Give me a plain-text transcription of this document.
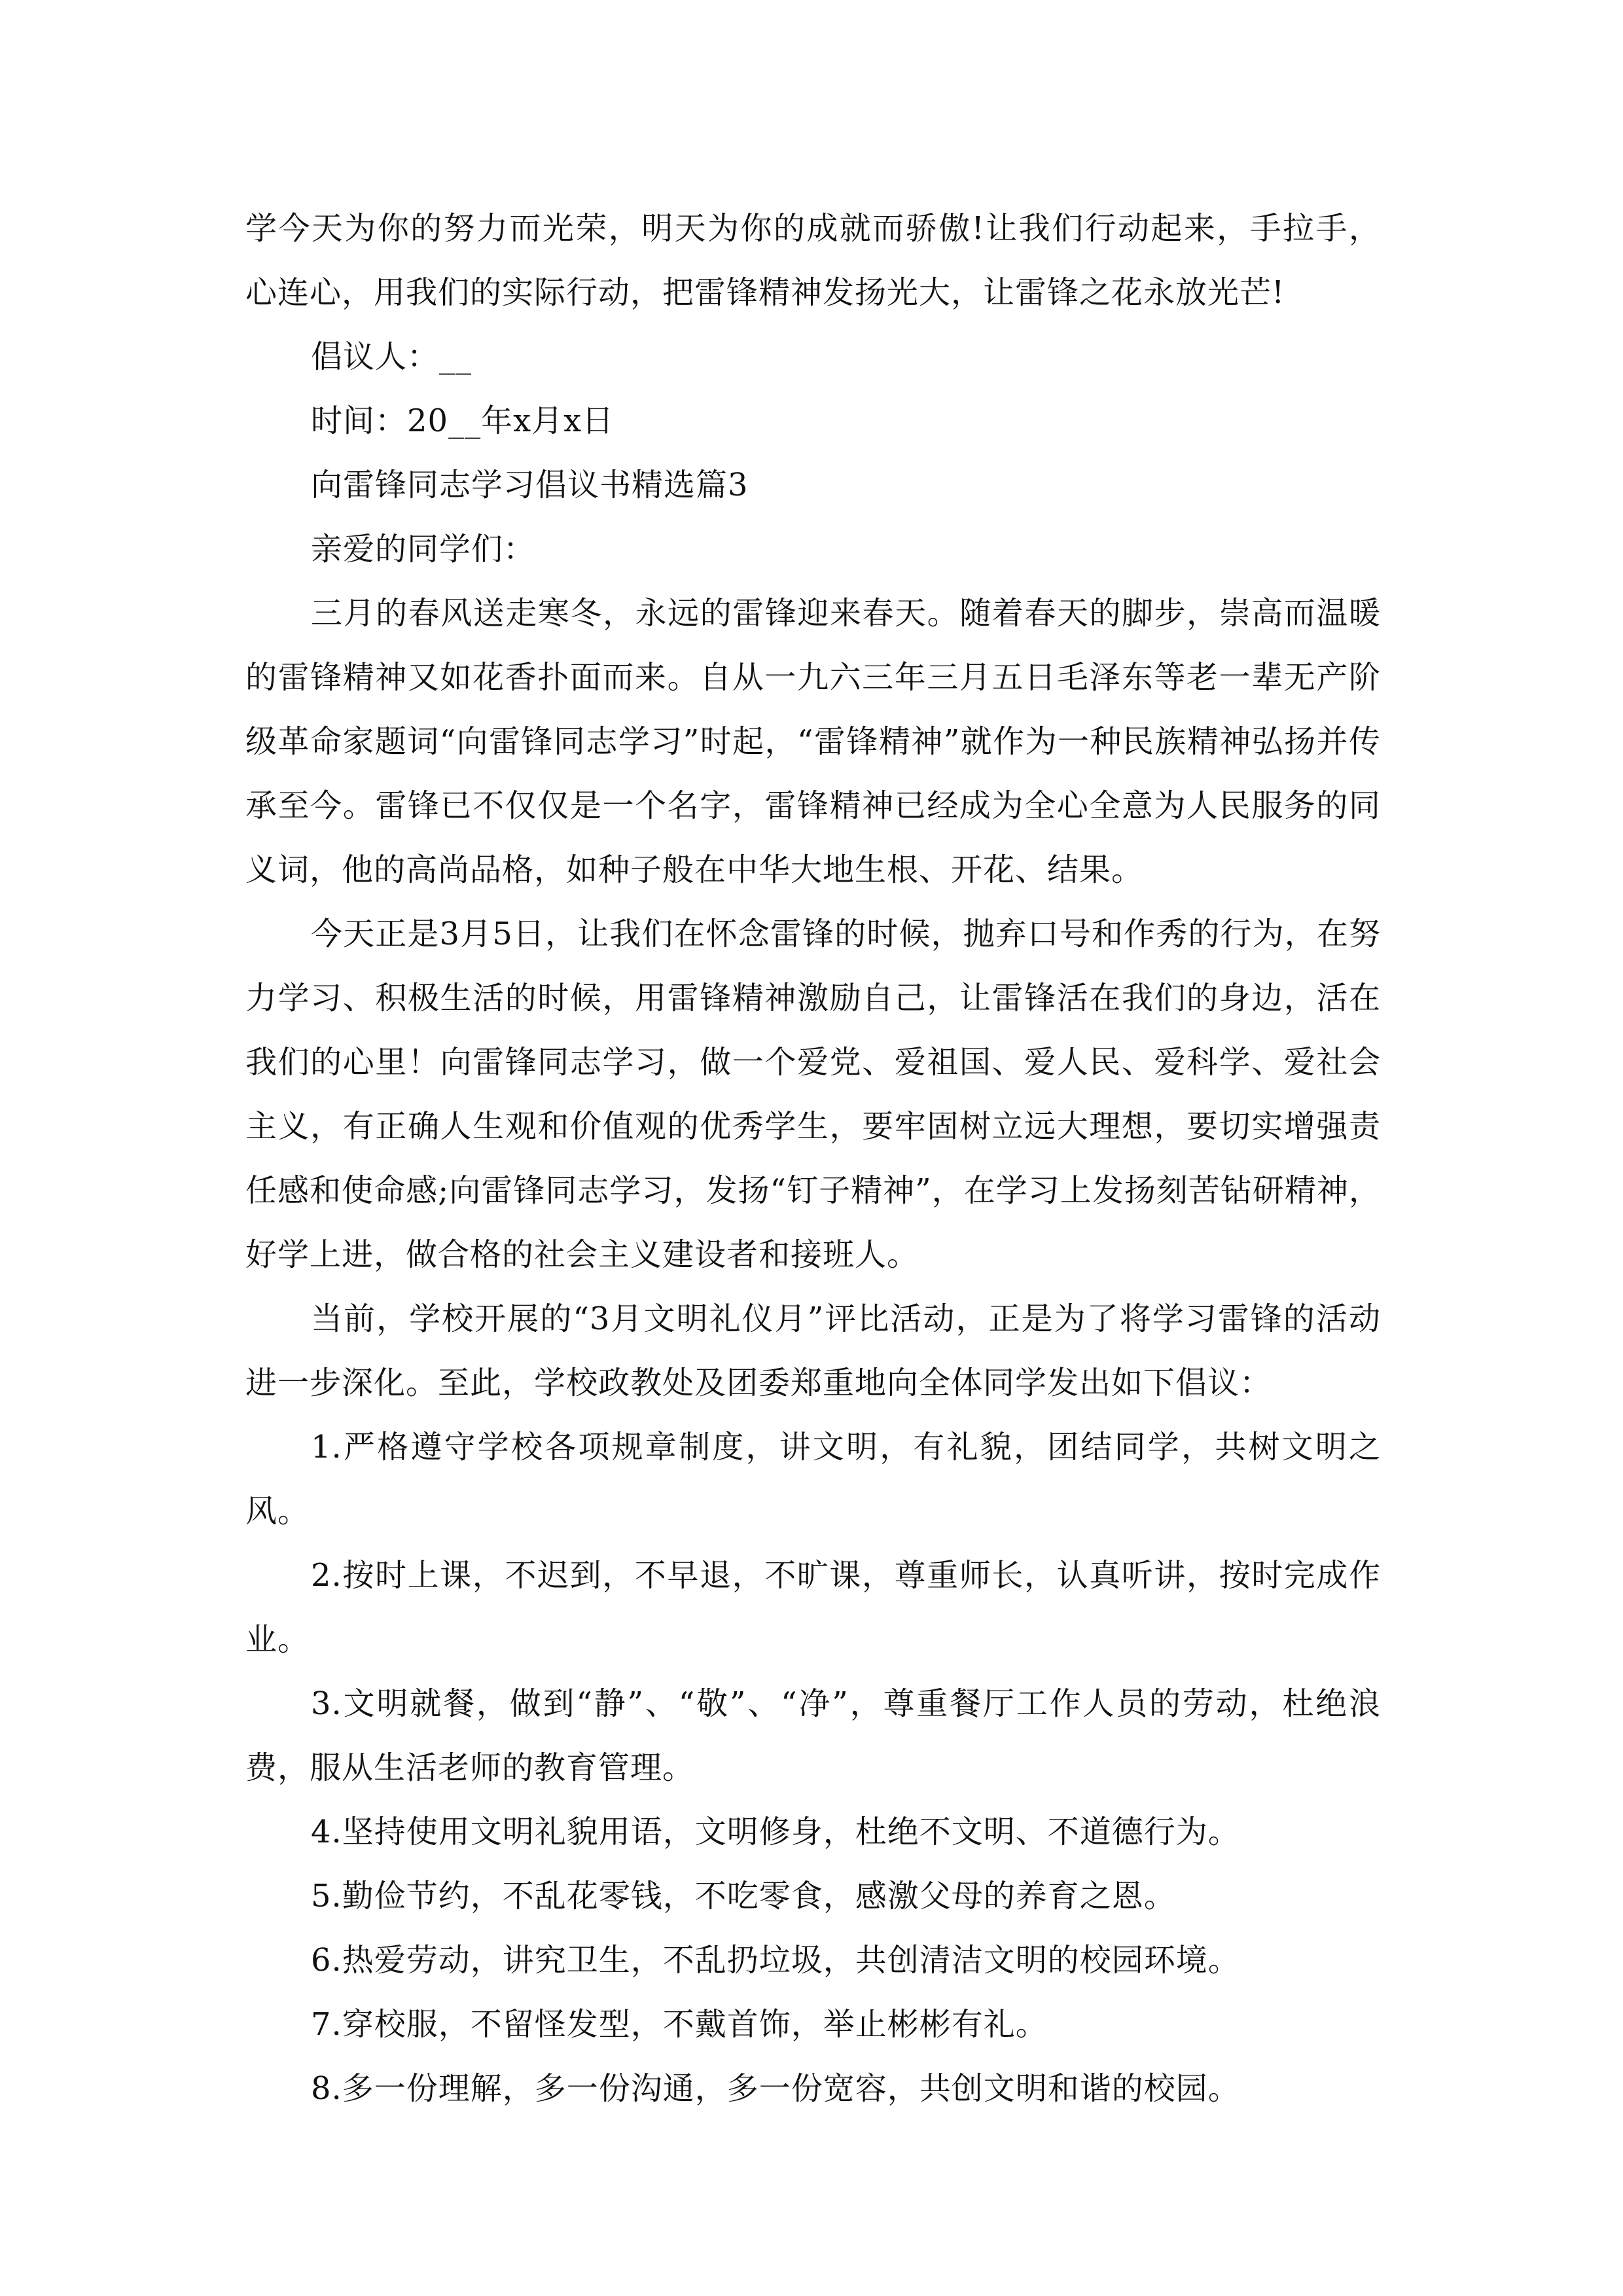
学今天为你的努力而光荣，明天为你的成就而骄傲!让我们行动起来，手拉手，心连心，用我们的实际行动，把雷锋精神发扬光大，让雷锋之花永放光芒!

倡议人：__

时间：20__年x月x日

向雷锋同志学习倡议书精选篇3

亲爱的同学们：

三月的春风送走寒冬，永远的雷锋迎来春天。随着春天的脚步，崇高而温暖的雷锋精神又如花香扑面而来。自从一九六三年三月五日毛泽东等老一辈无产阶级革命家题词“向雷锋同志学习”时起，“雷锋精神”就作为一种民族精神弘扬并传承至今。雷锋已不仅仅是一个名字，雷锋精神已经成为全心全意为人民服务的同义词，他的高尚品格，如种子般在中华大地生根、开花、结果。

今天正是3月5日，让我们在怀念雷锋的时候，抛弃口号和作秀的行为，在努力学习、积极生活的时候，用雷锋精神激励自己，让雷锋活在我们的身边，活在我们的心里！向雷锋同志学习，做一个爱党、爱祖国、爱人民、爱科学、爱社会主义，有正确人生观和价值观的优秀学生，要牢固树立远大理想，要切实增强责任感和使命感;向雷锋同志学习，发扬“钉子精神”，在学习上发扬刻苦钻研精神，好学上进，做合格的社会主义建设者和接班人。

当前，学校开展的“3月文明礼仪月”评比活动，正是为了将学习雷锋的活动进一步深化。至此，学校政教处及团委郑重地向全体同学发出如下倡议：

1.严格遵守学校各项规章制度，讲文明，有礼貌，团结同学，共树文明之风。

2.按时上课，不迟到，不早退，不旷课，尊重师长，认真听讲，按时完成作业。

3.文明就餐，做到“静”、“敬”、“净”，尊重餐厅工作人员的劳动，杜绝浪费，服从生活老师的教育管理。

4.坚持使用文明礼貌用语，文明修身，杜绝不文明、不道德行为。

5.勤俭节约，不乱花零钱，不吃零食，感激父母的养育之恩。

6.热爱劳动，讲究卫生，不乱扔垃圾，共创清洁文明的校园环境。

7.穿校服，不留怪发型，不戴首饰，举止彬彬有礼。

8.多一份理解，多一份沟通，多一份宽容，共创文明和谐的校园。
